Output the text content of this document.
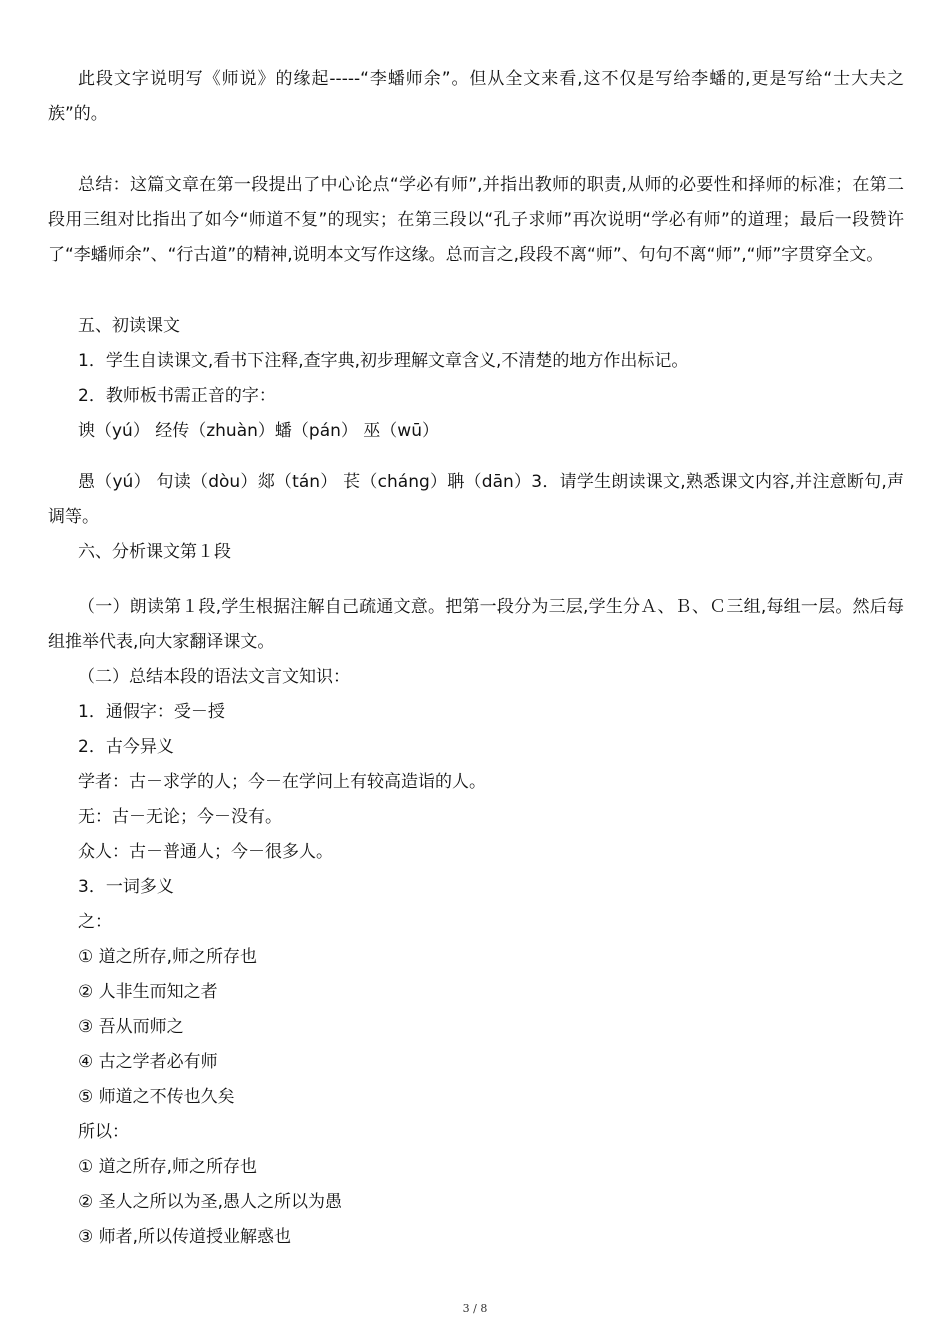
此段文字说明写《师说》的缘起-----“李蟠师余”。但从全文来看,这不仅是写给李蟠的,更是写给“士大夫之族”的。

总结：这篇文章在第一段提出了中心论点“学必有师”,并指出教师的职责,从师的必要性和择师的标准；在第二段用三组对比指出了如今“师道不复”的现实；在第三段以“孔子求师”再次说明“学必有师”的道理；最后一段赞许了“李蟠师余”、“行古道”的精神,说明本文写作这缘。总而言之,段段不离“师”、句句不离“师”,“师”字贯穿全文。

五、初读课文

1．学生自读课文,看书下注释,查字典,初步理解文章含义,不清楚的地方作出标记。

2．教师板书需正音的字：

谀（yú） 经传（zhuàn）蟠（pán） 巫（wū）

愚（yú） 句读（dòu）郯（tán） 苌（cháng）聃（dān）3．请学生朗读课文,熟悉课文内容,并注意断句,声调等。

六、分析课文第１段

（一）朗读第１段,学生根据注解自己疏通文意。把第一段分为三层,学生分Ａ、Ｂ、Ｃ三组,每组一层。然后每组推举代表,向大家翻译课文。

（二）总结本段的语法文言文知识：

1．通假字：受－授

2．古今异义

学者：古－求学的人；今－在学问上有较高造诣的人。

无：古－无论；今－没有。

众人：古－普通人；今－很多人。

3．一词多义

之：

① 道之所存,师之所存也

② 人非生而知之者

③ 吾从而师之

④ 古之学者必有师

⑤ 师道之不传也久矣

所以：

① 道之所存,师之所存也

② 圣人之所以为圣,愚人之所以为愚

③ 师者,所以传道授业解惑也

3 / 8
